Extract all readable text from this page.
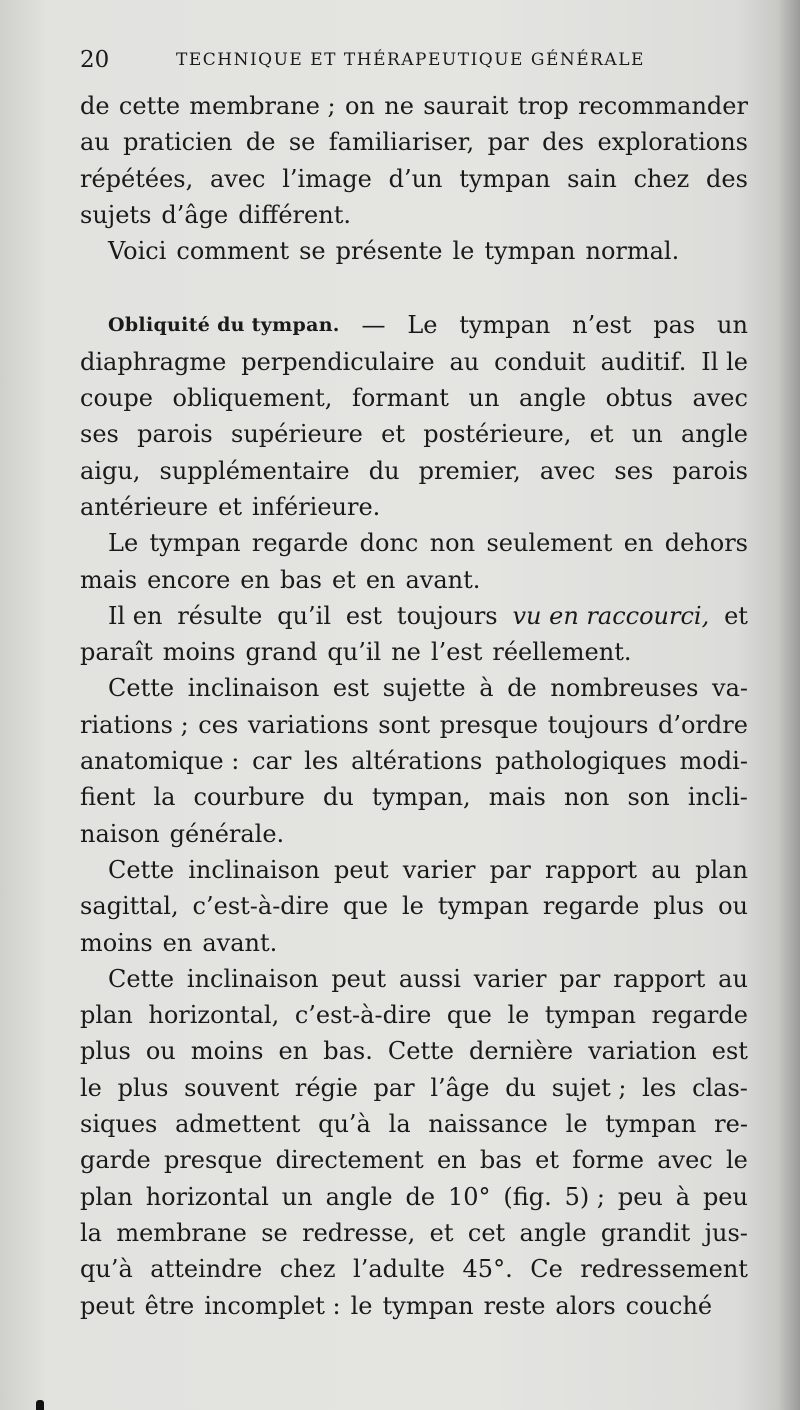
20	TECHNIQUE ET THÉRAPEUTIQUE GÉNÉRALE
de cette membrane ; on ne saurait trop recommander
au praticien de se familiariser, par des explorations
répétées, avec l’image d’un tympan sain chez des
sujets d’âge différent.
Voici comment se présente le tympan normal.
Obliquité du tympan. — Le tympan n’est pas un
diaphragme perpendiculaire au conduit auditif. Il le
coupe obliquement, formant un angle obtus avec
ses parois supérieure et postérieure, et un angle
aigu, supplémentaire du premier, avec ses parois
antérieure et inférieure.
Le tympan regarde donc non seulement en dehors
mais encore en bas et en avant.
Il en résulte qu’il est toujours vu en raccourci, et
paraît moins grand qu’il ne l’est réellement.
Cette inclinaison est sujette à de nombreuses va-
riations ; ces variations sont presque toujours d’ordre
anatomique : car les altérations pathologiques modi-
fient la courbure du tympan, mais non son incli-
naison générale.
Cette inclinaison peut varier par rapport au plan
sagittal, c’est-à-dire que le tympan regarde plus ou
moins en avant.
Cette inclinaison peut aussi varier par rapport au
plan horizontal, c’est-à-dire que le tympan regarde
plus ou moins en bas. Cette dernière variation est
le plus souvent régie par l’âge du sujet ; les clas-
siques admettent qu’à la naissance le tympan re-
garde presque directement en bas et forme avec le
plan horizontal un angle de 10° (fig. 5) ; peu à peu
la membrane se redresse, et cet angle grandit jus-
qu’à atteindre chez l’adulte 45°. Ce redressement
peut être incomplet : le tympan reste alors couché
